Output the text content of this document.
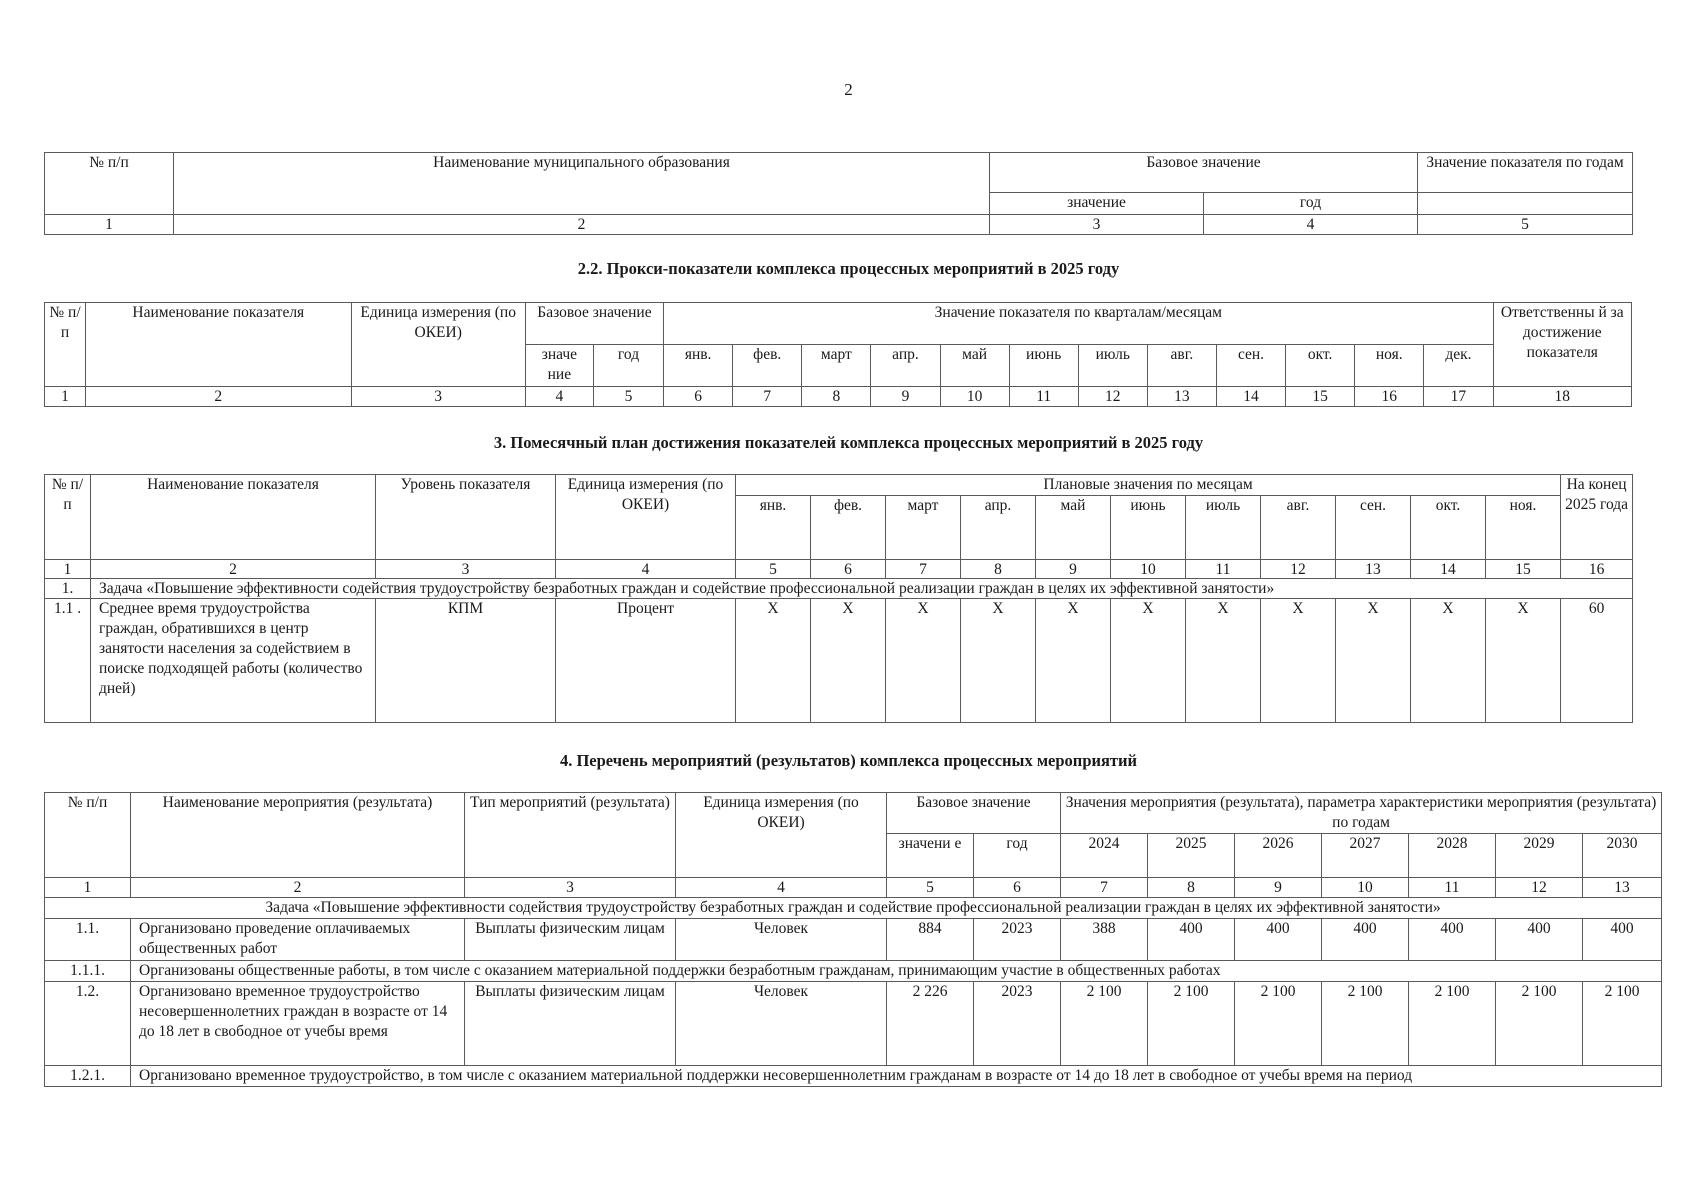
2
№ п/п	Наименование муниципального образования	Базовое значение		Значение показателя по годам
		значение	год	
1	2	3	4	5
2.2. Прокси-показатели комплекса процессных мероприятий в 2025 году
№ п/ п	Наименование показателя	Единица измерения (по ОКЕИ)	Базовое значение		Значение показателя по кварталам/месяцам												Ответственны й за достижение показателя
			значе ние	год	янв.	фев.	март	апр.	май	июнь	июль	авг.	сен.	окт.	ноя.	дек.	
1	2	3	4	5	6	7	8	9	10	11	12	13	14	15	16	17	18
3. Помесячный план достижения показателей комплекса процессных мероприятий в 2025 году
№ п/ п	Наименование показателя	Уровень показателя	Единица измерения (по ОКЕИ)	Плановые значения по месяцам											На конец 2025 года
				янв.	фев.	март	апр.	май	июнь	июль	авг.	сен.	окт.	ноя.	
1	2	3	4	5	6	7	8	9	10	11	12	13	14	15	16
1.	Задача «Повышение эффективности содействия трудоустройству безработных граждан и содействие профессиональной реализации граждан в целях их эффективной занятости»														
1.1 .	Среднее время трудоустройства граждан, обратившихся в центр занятости населения за содействием в поиске подходящей работы (количество дней)	КПМ	Процент	X	X	X	X	X	X	X	X	X	X	X	60
4. Перечень мероприятий (результатов) комплекса процессных мероприятий
№ п/п	Наименование мероприятия (результата)	Тип мероприятий (результата)	Единица измерения (по ОКЕИ)	Базовое значение		Значения мероприятия (результата), параметра характеристики мероприятия (результата) по годам						
				значени е	год	2024	2025	2026	2027	2028	2029	2030
1	2	3	4	5	6	7	8	9	10	11	12	13
Задача «Повышение эффективности содействия трудоустройству безработных граждан и содействие профессиональной реализации граждан в целях их эффективной занятости»												
1.1.	Организовано проведение оплачиваемых общественных работ	Выплаты физическим лицам	Человек	884	2023	388	400	400	400	400	400	400
1.1.1.	Организованы общественные работы, в том числе с оказанием материальной поддержки безработным гражданам, принимающим участие в общественных работах											
1.2.	Организовано временное трудоустройство несовершеннолетних граждан в возрасте от 14 до 18 лет в свободное от учебы время	Выплаты физическим лицам	Человек	2 226	2023	2 100	2 100	2 100	2 100	2 100	2 100	2 100
1.2.1.	Организовано временное трудоустройство, в том числе с оказанием материальной поддержки несовершеннолетним гражданам в возрасте от 14 до 18 лет в свободное от учебы время на период											
